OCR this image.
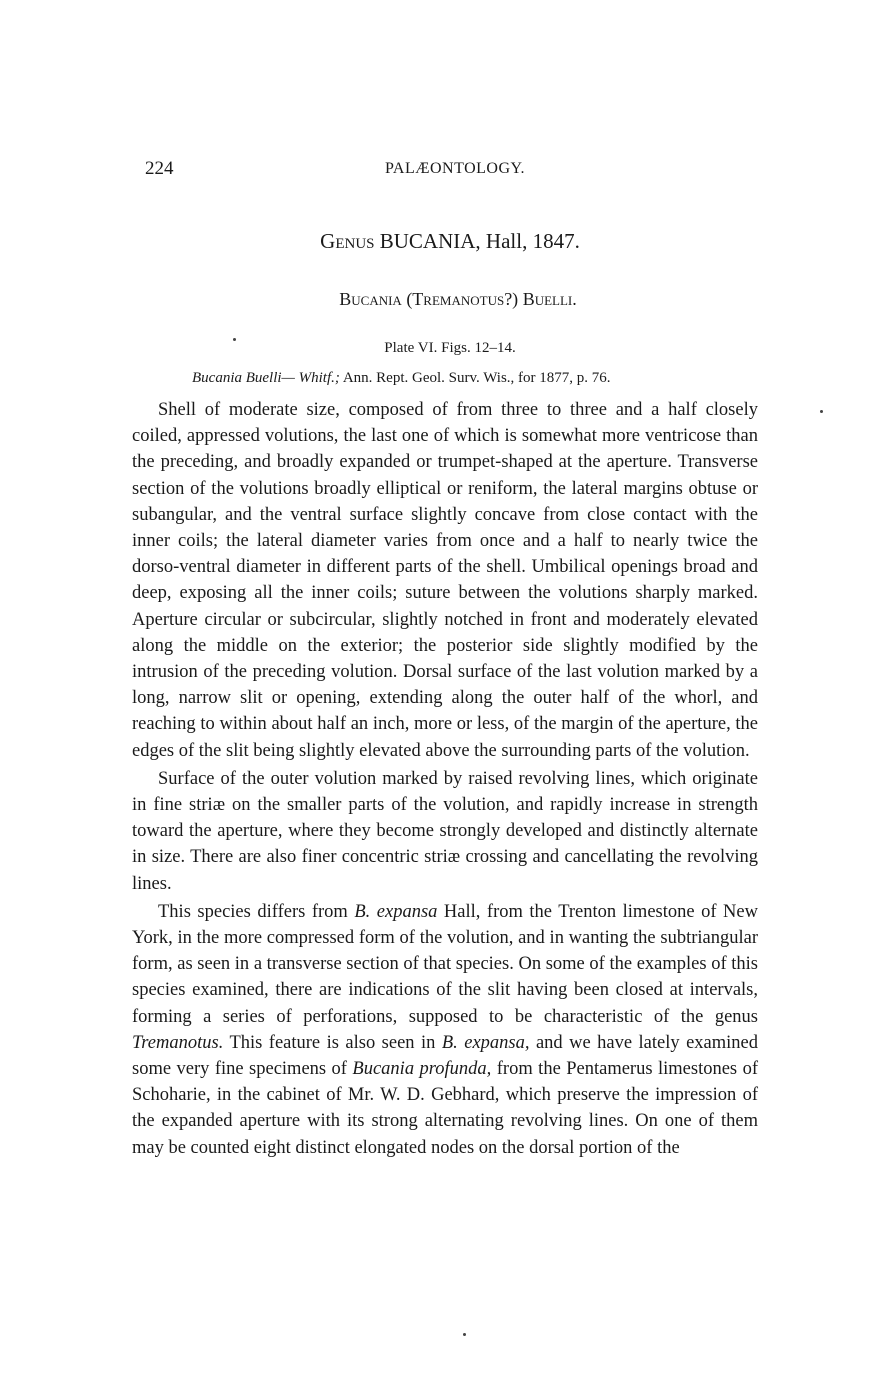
224	PALÆONTOLOGY.
Genus BUCANIA, Hall, 1847.
Bucania (Tremanotus?) Buelli.
Plate VI. Figs. 12–14.
Bucania Buelli— Whitf.; Ann. Rept. Geol. Surv. Wis., for 1877, p. 76.

Shell of moderate size, composed of from three to three and a half closely coiled, appressed volutions, the last one of which is somewhat more ventricose than the preceding, and broadly expanded or trumpet-shaped at the aperture. Transverse section of the volutions broadly elliptical or reniform, the lateral margins obtuse or subangular, and the ventral surface slightly concave from close contact with the inner coils; the lateral diameter varies from once and a half to nearly twice the dorso-ventral diameter in different parts of the shell. Umbilical openings broad and deep, exposing all the inner coils; suture between the volutions sharply marked. Aperture circular or subcircular, slightly notched in front and moderately elevated along the middle on the exterior; the posterior side slightly modified by the intrusion of the preceding volution. Dorsal surface of the last volution marked by a long, narrow slit or opening, extending along the outer half of the whorl, and reaching to within about half an inch, more or less, of the margin of the aperture, the edges of the slit being slightly elevated above the surrounding parts of the volution.

Surface of the outer volution marked by raised revolving lines, which originate in fine striæ on the smaller parts of the volution, and rapidly increase in strength toward the aperture, where they become strongly developed and distinctly alternate in size. There are also finer concentric striæ crossing and cancellating the revolving lines.

This species differs from B. expansa Hall, from the Trenton limestone of New York, in the more compressed form of the volution, and in wanting the subtriangular form, as seen in a transverse section of that species. On some of the examples of this species examined, there are indications of the slit having been closed at intervals, forming a series of perforations, supposed to be characteristic of the genus Tremanotus. This feature is also seen in B. expansa, and we have lately examined some very fine specimens of Bucania profunda, from the Pentamerus limestones of Schoharie, in the cabinet of Mr. W. D. Gebhard, which preserve the impression of the expanded aperture with its strong alternating revolving lines. On one of them may be counted eight distinct elongated nodes on the dorsal portion of the
